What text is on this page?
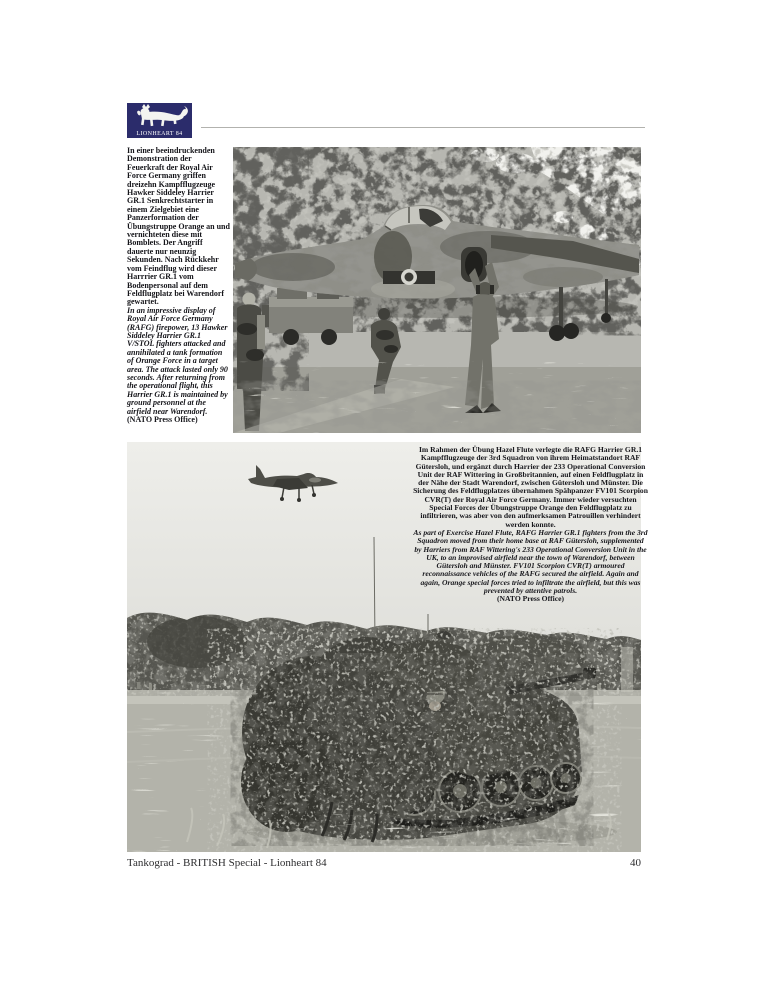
LIONHEART 84

In einer beeindruckenden Demonstration der Feuerkraft der Royal Air Force Germany griffen dreizehn Kampfflugzeuge Hawker Siddeley Harrier GR.1 Senkrechtstarter in einem Zielgebiet eine Panzerformation der Übungstruppe Orange an und vernichteten diese mit Bomblets. Der Angriff dauerte nur neunzig Sekunden. Nach Rückkehr vom Feindflug wird dieser Harrrier GR.1 vom Bodenpersonal auf dem Feldflugplatz bei Warendorf gewartet.

In an impressive display of Royal Air Force Germany (RAFG) firepower, 13 Hawker Siddeley Harrier GR.1 V/STOL fighters attacked and annihilated a tank formation of Orange Force in a target area. The attack lasted only 90 seconds. After returning from the operational flight, this Harrier GR.1 is maintained by ground personnel at the airfield near Warendorf.

(NATO Press Office)

Im Rahmen der Übung Hazel Flute verlegte die RAFG Harrier GR.1 Kampfflugzeuge der 3rd Squadron von ihrem Heimatstandort RAF Gütersloh, und ergänzt durch Harrier der 233 Operational Conversion Unit der RAF Wittering in Großbritannien, auf einen Feldflugplatz in der Nähe der Stadt Warendorf, zwischen Gütersloh und Münster. Die Sicherung des Feldflugplatzes übernahmen Spähpanzer FV101 Scorpion CVR(T) der Royal Air Force Germany. Immer wieder versuchten Special Forces der Übungstruppe Orange den Feldflugplatz zu infiltrieren, was aber von den aufmerksamen Patrouillen verhindert werden konnte.

As part of Exercise Hazel Flute, RAFG Harrier GR.1 fighters from the 3rd Squadron moved from their home base at RAF Gütersloh, supplemented by Harriers from RAF Wittering's 233 Operational Conversion Unit in the UK, to an improvised airfield near the town of Warendorf, between Gütersloh and Münster. FV101 Scorpion CVR(T) armoured reconnaissance vehicles of the RAFG secured the airfield. Again and again, Orange special forces tried to infiltrate the airfield, but this was prevented by attentive patrols.

(NATO Press Office)

Tankograd - BRITISH Special - Lionheart 84	40
